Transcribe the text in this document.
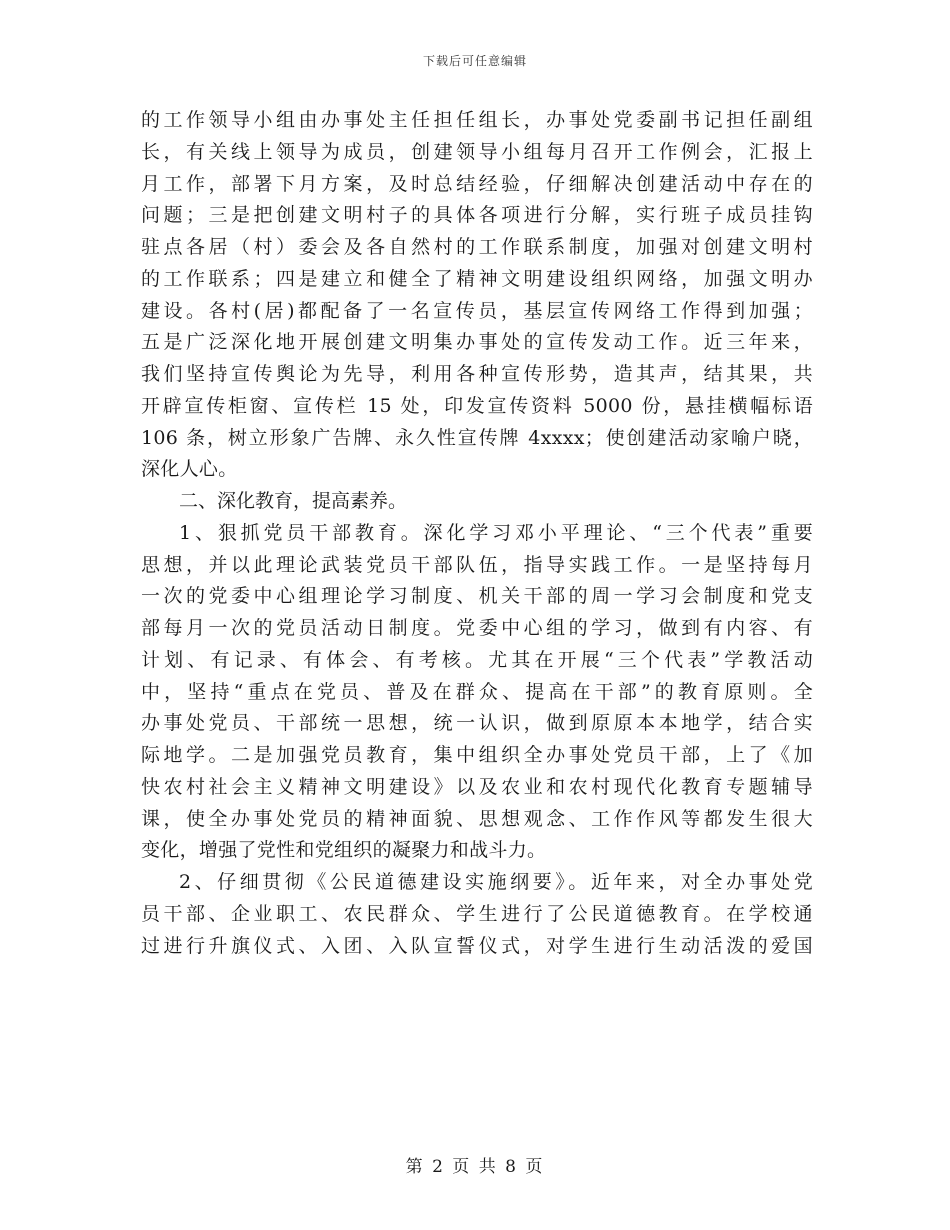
下载后可任意编辑
的工作领导小组由办事处主任担任组长，办事处党委副书记担任副组
长，有关线上领导为成员，创建领导小组每月召开工作例会，汇报上
月工作，部署下月方案，及时总结经验，仔细解决创建活动中存在的
问题；三是把创建文明村子的具体各项进行分解，实行班子成员挂钩
驻点各居（村）委会及各自然村的工作联系制度，加强对创建文明村
的工作联系；四是建立和健全了精神文明建设组织网络，加强文明办
建设。各村(居)都配备了一名宣传员，基层宣传网络工作得到加强；
五是广泛深化地开展创建文明集办事处的宣传发动工作。近三年来，
我们坚持宣传舆论为先导，利用各种宣传形势，造其声，结其果，共
开辟宣传柜窗、宣传栏 15 处，印发宣传资料 5000 份，悬挂横幅标语
106 条，树立形象广告牌、永久性宣传牌 4xxxx；使创建活动家喻户晓，
深化人心。
二、深化教育，提高素养。
1、狠抓党员干部教育。深化学习邓小平理论、“三个代表”重要
思想，并以此理论武装党员干部队伍，指导实践工作。一是坚持每月
一次的党委中心组理论学习制度、机关干部的周一学习会制度和党支
部每月一次的党员活动日制度。党委中心组的学习，做到有内容、有
计划、有记录、有体会、有考核。尤其在开展“三个代表”学教活动
中，坚持“重点在党员、普及在群众、提高在干部”的教育原则。全
办事处党员、干部统一思想，统一认识，做到原原本本地学，结合实
际地学。二是加强党员教育，集中组织全办事处党员干部，上了《加
快农村社会主义精神文明建设》以及农业和农村现代化教育专题辅导
课，使全办事处党员的精神面貌、思想观念、工作作风等都发生很大
变化，增强了党性和党组织的凝聚力和战斗力。
2、仔细贯彻《公民道德建设实施纲要》。近年来，对全办事处党
员干部、企业职工、农民群众、学生进行了公民道德教育。在学校通
过进行升旗仪式、入团、入队宣誓仪式，对学生进行生动活泼的爱国
第 2 页 共 8 页
